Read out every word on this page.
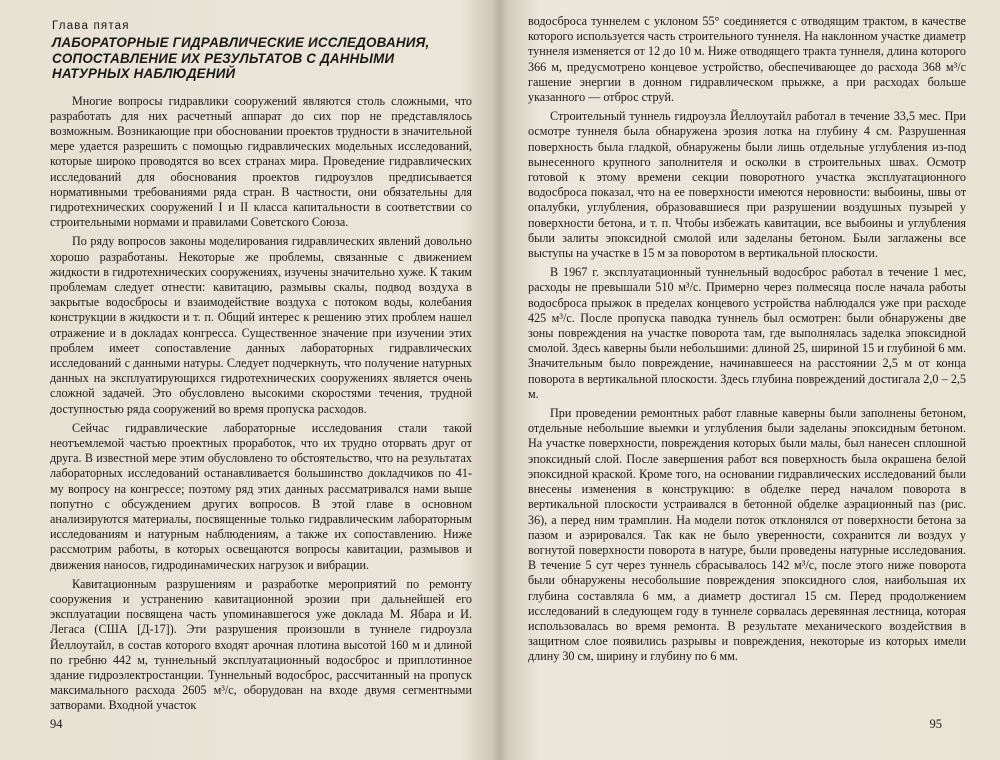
Глава пятая
ЛАБОРАТОРНЫЕ ГИДРАВЛИЧЕСКИЕ ИССЛЕДОВАНИЯ, СОПОСТАВЛЕНИЕ ИХ РЕЗУЛЬТАТОВ С ДАННЫМИ НАТУРНЫХ НАБЛЮДЕНИЙ

Многие вопросы гидравлики сооружений являются столь сложными, что разработать для них расчетный аппарат до сих пор не представлялось возможным. Возникающие при обосновании проектов трудности в значительной мере удается разрешить с помощью гидравлических модельных исследований, которые широко проводятся во всех странах мира. Проведение гидравлических исследований для обоснования проектов гидроузлов предписывается нормативными требованиями ряда стран. В частности, они обязательны для гидротехнических сооружений I и II класса капитальности в соответствии со строительными нормами и правилами Советского Союза.

По ряду вопросов законы моделирования гидравлических явлений довольно хорошо разработаны. Некоторые же проблемы, связанные с движением жидкости в гидротехнических сооружениях, изучены значительно хуже. К таким проблемам следует отнести: кавитацию, размывы скалы, подвод воздуха в закрытые водосбросы и взаимодействие воздуха с потоком воды, колебания конструкции в жидкости и т. п. Общий интерес к решению этих проблем нашел отражение и в докладах конгресса. Существенное значение при изучении этих проблем имеет сопоставление данных лабораторных гидравлических исследований с данными натуры. Следует подчеркнуть, что получение натурных данных на эксплуатирующихся гидротехнических сооружениях является очень сложной задачей. Это обусловлено высокими скоростями течения, трудной доступностью ряда сооружений во время пропуска расходов.

Сейчас гидравлические лабораторные исследования стали такой неотъемлемой частью проектных проработок, что их трудно оторвать друг от друга. В известной мере этим обусловлено то обстоятельство, что на результатах лабораторных исследований останавливается большинство докладчиков по 41-му вопросу на конгрессе; поэтому ряд этих данных рассматривался нами выше попутно с обсуждением других вопросов. В этой главе в основном анализируются материалы, посвященные только гидравлическим лабораторным исследованиям и натурным наблюдениям, а также их сопоставлению. Ниже рассмотрим работы, в которых освещаются вопросы кавитации, размывов и движения наносов, гидродинамических нагрузок и вибрации.

Кавитационным разрушениям и разработке мероприятий по ремонту сооружения и устранению кавитационной эрозии при дальнейшей его эксплуатации посвящена часть упоминавшегося уже доклада М. Ябара и И. Легаса (США [Д-17]). Эти разрушения произошли в туннеле гидроузла Йеллоутайл, в состав которого входят арочная плотина высотой 160 м и длиной по гребню 442 м, туннельный эксплуатационный водосброс и приплотинное здание гидроэлектростанции. Туннельный водосброс, рассчитанный на пропуск максимального расхода 2605 м³/с, оборудован на входе двумя сегментными затворами. Входной участок

94

водосброса туннелем с уклоном 55° соединяется с отводящим трактом, в качестве которого используется часть строительного туннеля. На наклонном участке диаметр туннеля изменяется от 12 до 10 м. Ниже отводящего тракта туннеля, длина которого 366 м, предусмотрено концевое устройство, обеспечивающее до расхода 368 м³/с гашение энергии в донном гидравлическом прыжке, а при расходах больше указанного — отброс струй.

Строительный туннель гидроузла Йеллоутайл работал в течение 33,5 мес. При осмотре туннеля была обнаружена эрозия лотка на глубину 4 см. Разрушенная поверхность была гладкой, обнаружены были лишь отдельные углубления из-под вынесенного крупного заполнителя и осколки в строительных швах. Осмотр готовой к этому времени секции поворотного участка эксплуатационного водосброса показал, что на ее поверхности имеются неровности: выбоины, швы от опалубки, углубления, образовавшиеся при разрушении воздушных пузырей у поверхности бетона, и т. п. Чтобы избежать кавитации, все выбоины и углубления были залиты эпоксидной смолой или заделаны бетоном. Были заглажены все выступы на участке в 15 м за поворотом в вертикальной плоскости.

В 1967 г. эксплуатационный туннельный водосброс работал в течение 1 мес, расходы не превышали 510 м³/с. Примерно через полмесяца после начала работы водосброса прыжок в пределах концевого устройства наблюдался уже при расходе 425 м³/с. После пропуска паводка туннель был осмотрен: были обнаружены две зоны повреждения на участке поворота там, где выполнялась заделка эпоксидной смолой. Здесь каверны были небольшими: длиной 25, шириной 15 и глубиной 6 мм. Значительным было повреждение, начинавшееся на расстоянии 2,5 м от конца поворота в вертикальной плоскости. Здесь глубина повреждений достигала 2,0 – 2,5 м.

При проведении ремонтных работ главные каверны были заполнены бетоном, отдельные небольшие выемки и углубления были заделаны эпоксидным бетоном. На участке поверхности, повреждения которых были малы, был нанесен сплошной эпоксидный слой. После завершения работ вся поверхность была окрашена белой эпоксидной краской. Кроме того, на основании гидравлических исследований были внесены изменения в конструкцию: в обделке перед началом поворота в вертикальной плоскости устраивался в бетонной обделке аэрационный паз (рис. 36), а перед ним трамплин. На модели поток отклонялся от поверхности бетона за пазом и аэрировался. Так как не было уверенности, сохранится ли воздух у вогнутой поверхности поворота в натуре, были проведены натурные исследования. В течение 5 сут через туннель сбрасывалось 142 м³/с, после этого ниже поворота были обнаружены несобольшие повреждения эпоксидного слоя, наибольшая их глубина составляла 6 мм, а диаметр достигал 15 см. Перед продолжением исследований в следующем году в туннеле сорвалась деревянная лестница, которая использовалась во время ремонта. В результате механического воздействия в защитном слое появились разрывы и повреждения, некоторые из которых имели длину 30 см, ширину и глубину по 6 мм.

95
